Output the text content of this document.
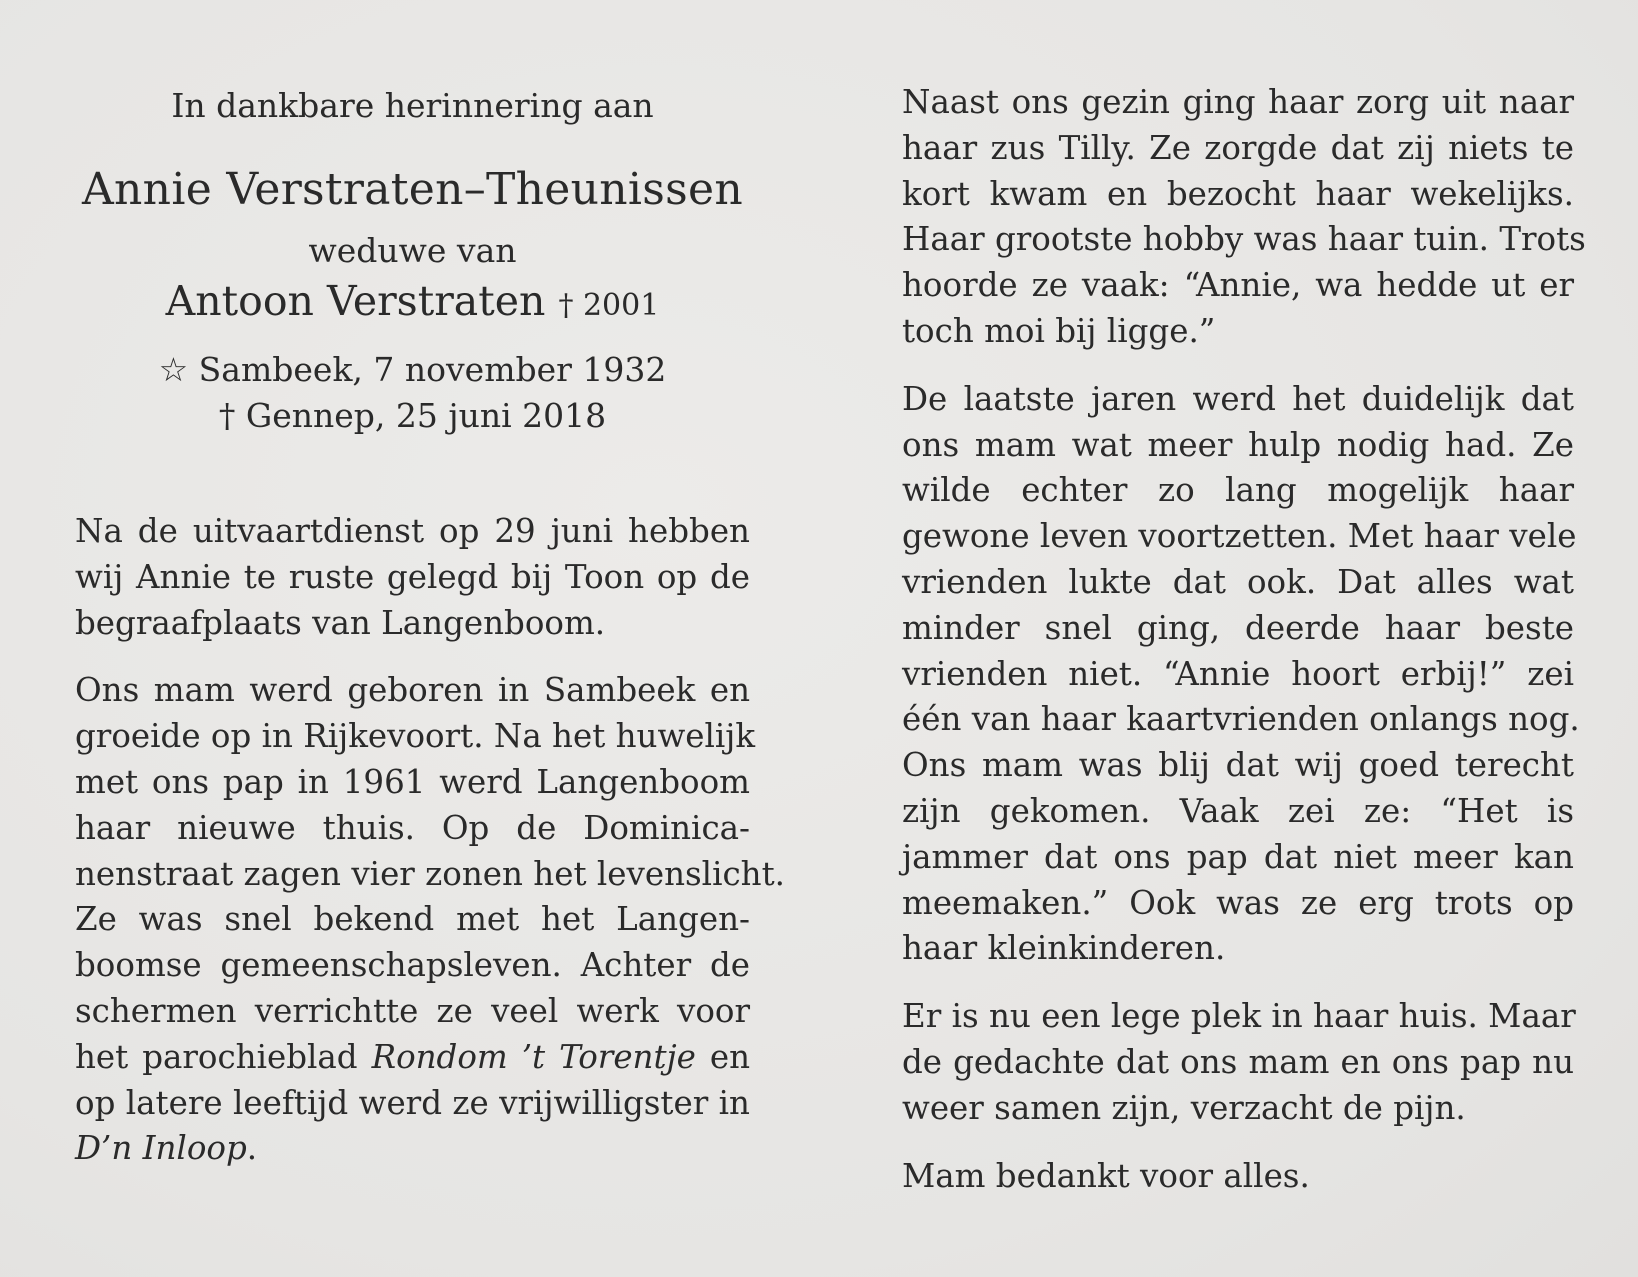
In dankbare herinnering aan

Annie Verstraten–Theunissen

weduwe van

Antoon Verstraten † 2001

☆ Sambeek, 7 november 1932

† Gennep, 25 juni 2018

Na de uitvaartdienst op 29 juni hebben
wij Annie te ruste gelegd bij Toon op de
begraafplaats van Langenboom.
Ons mam werd geboren in Sambeek en
groeide op in Rijkevoort. Na het huwelijk
met ons pap in 1961 werd Langenboom
haar nieuwe thuis. Op de Dominica-
nenstraat zagen vier zonen het levenslicht.
Ze was snel bekend met het Langen-
boomse gemeenschapsleven. Achter de
schermen verrichtte ze veel werk voor
het parochieblad Rondom ’t Torentje en
op latere leeftijd werd ze vrijwilligster in
D’n Inloop.
Naast ons gezin ging haar zorg uit naar
haar zus Tilly. Ze zorgde dat zij niets te
kort kwam en bezocht haar wekelijks.
Haar grootste hobby was haar tuin. Trots
hoorde ze vaak: “Annie, wa hedde ut er
toch moi bij ligge.”
De laatste jaren werd het duidelijk dat
ons mam wat meer hulp nodig had. Ze
wilde echter zo lang mogelijk haar
gewone leven voortzetten. Met haar vele
vrienden lukte dat ook. Dat alles wat
minder snel ging, deerde haar beste
vrienden niet. “Annie hoort erbij!” zei
één van haar kaartvrienden onlangs nog.
Ons mam was blij dat wij goed terecht
zijn gekomen. Vaak zei ze: “Het is
jammer dat ons pap dat niet meer kan
meemaken.” Ook was ze erg trots op
haar kleinkinderen.
Er is nu een lege plek in haar huis. Maar
de gedachte dat ons mam en ons pap nu
weer samen zijn, verzacht de pijn.
Mam bedankt voor alles.
